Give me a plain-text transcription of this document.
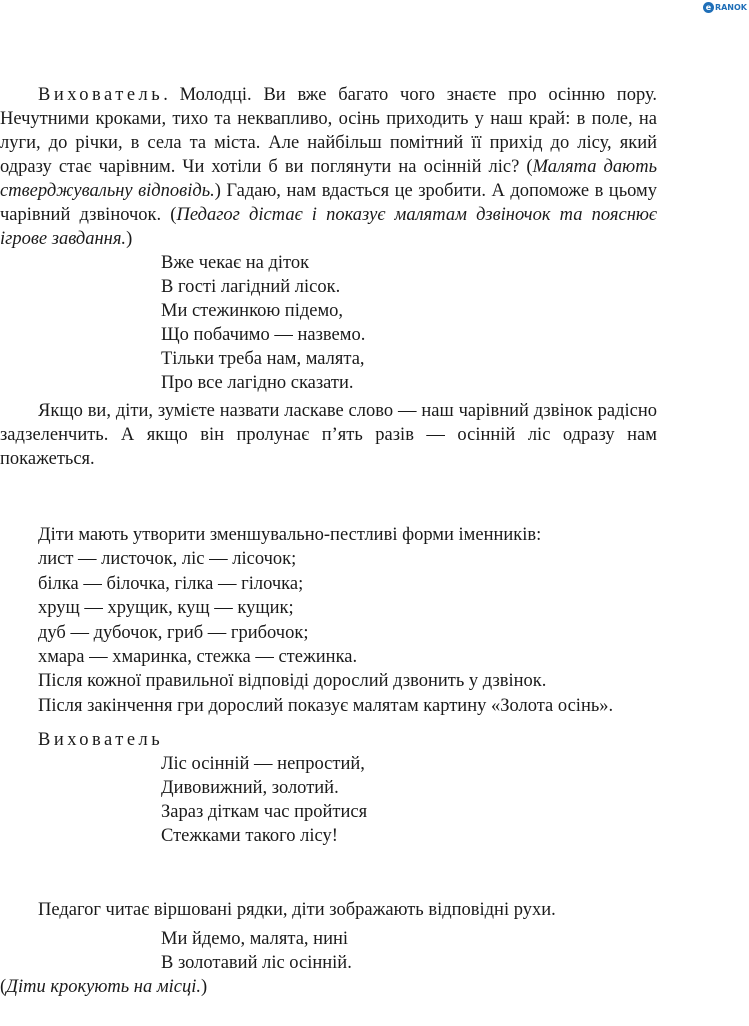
e RANOK

Вихователь. Молодці. Ви вже багато чого знаєте про осінню пору. Нечутними кроками, тихо та неквапливо, осінь приходить у наш край: в поле, на луги, до річки, в села та міста. Але найбільш помітний її прихід до лісу, який одразу стає чарівним. Чи хотіли б ви поглянути на осінній ліс? (Малята дають стверджувальну відповідь.) Гадаю, нам вдасться це зробити. А допоможе в цьому чарівний дзвіночок. (Педагог дістає і показує малятам дзвіночок та пояснює ігрове завдання.)

Вже чекає на діток
В гості лагідний лісок.
Ми стежинкою підемо,
Що побачимо — назвемо.
Тільки треба нам, малята,
Про все лагідно сказати.

Якщо ви, діти, зумієте назвати ласкаве слово — наш чарівний дзвінок радісно задзеленчить. А якщо він пролунає п’ять разів — осінній ліс одразу нам покажеться.

Діти мають утворити зменшувально-пестливі форми іменників:
лист — листочок, ліс — лісочок;
білка — білочка, гілка — гілочка;
хрущ — хрущик, кущ — кущик;
дуб — дубочок, гриб — грибочок;
хмара — хмаринка, стежка — стежинка.
Після кожної правильної відповіді дорослий дзвонить у дзвінок.

Після закінчення гри дорослий показує малятам картину «Золота осінь».

Вихователь
Ліс осінній — непростий,
Дивовижний, золотий.
Зараз діткам час пройтися
Стежками такого лісу!
Педагог читає віршовані рядки, діти зображають відповідні рухи.
Ми йдемо, малята, нині
В золотавий ліс осінній.
(Діти крокують на місці.)
